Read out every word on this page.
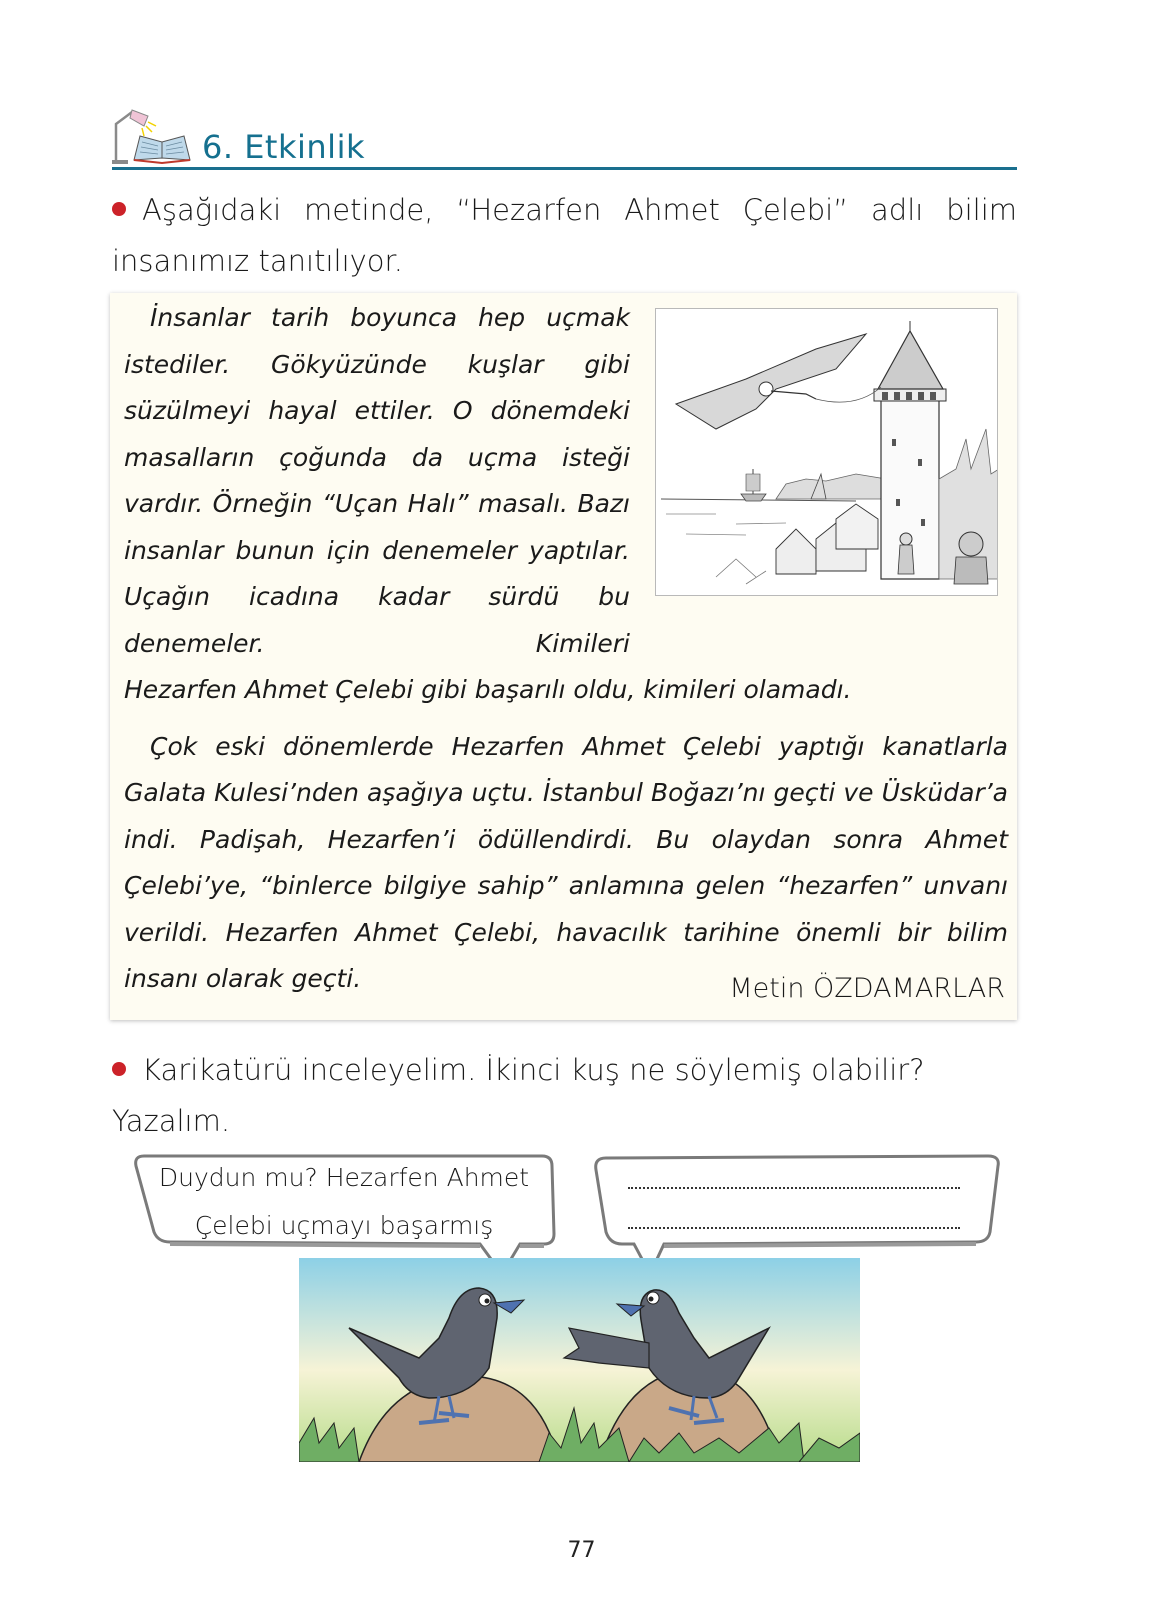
6. Etkinlik
Aşağıdaki metinde, “Hezarfen Ahmet Çelebi” adlı bilim insanımız tanıtılıyor.

İnsanlar tarih boyunca hep uçmak istediler. Gökyüzünde kuşlar gibi süzülmeyi hayal ettiler. O dönemdeki masalların çoğunda da uçma isteği vardır. Örneğin “Uçan Halı” masalı. Bazı insanlar bunun için denemeler yaptılar. Uçağın icadına kadar sürdü bu denemeler. Kimileri

Hezarfen Ahmet Çelebi gibi başarılı oldu, kimileri olamadı.

Çok eski dönemlerde Hezarfen Ahmet Çelebi yaptığı kanatlarla Galata Kulesi’nden aşağıya uçtu. İstanbul Boğazı’nı geçti ve Üsküdar’a indi. Padişah, Hezarfen’i ödüllendirdi. Bu olaydan sonra Ahmet Çelebi’ye, “binlerce bilgiye sahip” anlamına gelen “hezarfen” unvanı verildi. Hezarfen Ahmet Çelebi, havacılık tarihine önemli bir bilim insanı olarak geçti.	Metin ÖZDAMARLAR
Karikatürü inceleyelim. İkinci kuş ne söylemiş olabilir? Yazalım.
Duydun mu? Hezarfen Ahmet
Çelebi uçmayı başarmış
77
